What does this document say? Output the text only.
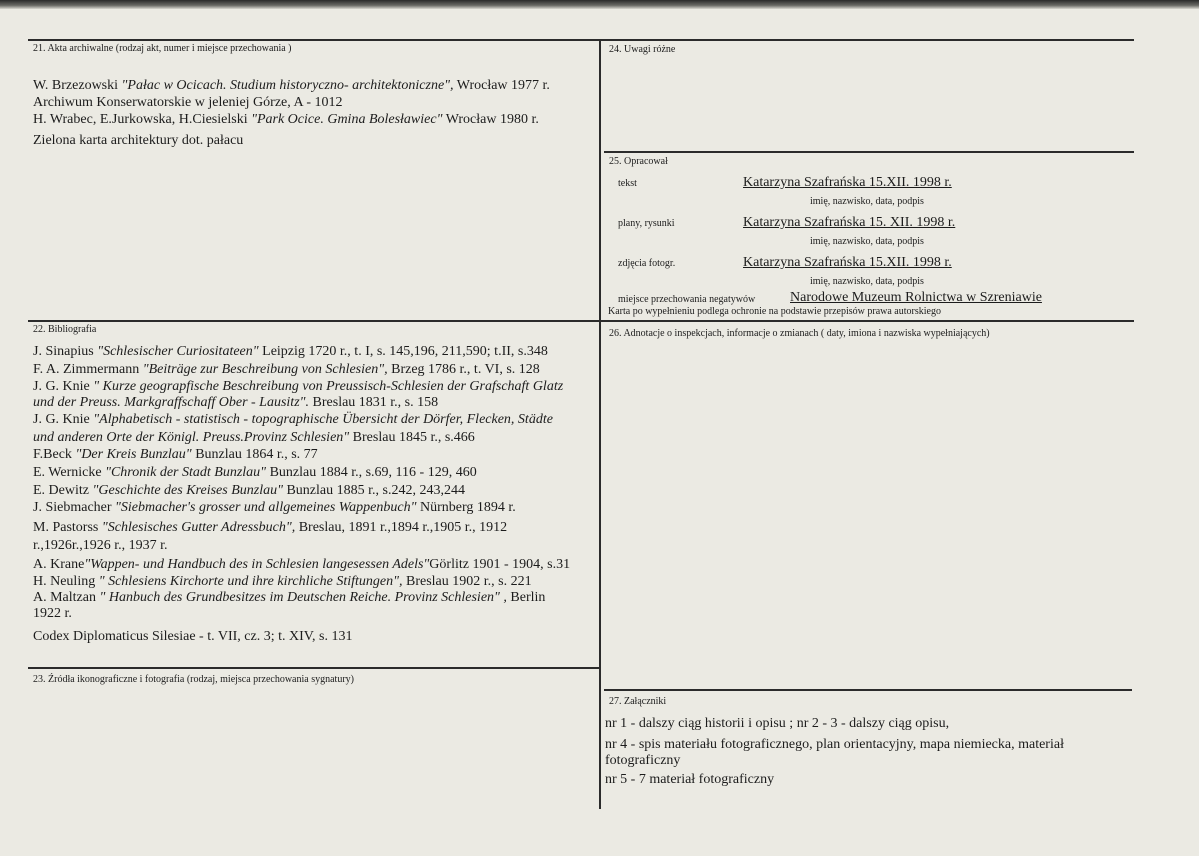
21. Akta archiwalne (rodzaj akt, numer i miejsce przechowania )
W. Brzezowski "Pałac w Ocicach. Studium historyczno- architektoniczne", Wrocław 1977 r.
Archiwum Konserwatorskie w jeleniej Górze, A - 1012
H. Wrabec, E.Jurkowska, H.Ciesielski "Park Ocice. Gmina Bolesławiec" Wrocław 1980 r.
Zielona karta architektury dot. pałacu
22. Bibliografia
J. Sinapius "Schlesischer Curiositateen" Leipzig 1720 r., t. I, s. 145,196, 211,590; t.II, s.348
F. A. Zimmermann "Beiträge zur Beschreibung von Schlesien", Brzeg 1786 r., t. VI, s. 128
J. G. Knie " Kurze geograpfische Beschreibung von Preussisch-Schlesien der Grafschaft Glatz
und der Preuss. Markgraffschaff Ober - Lausitz". Breslau 1831 r., s. 158
J. G. Knie "Alphabetisch - statistisch - topographische Übersicht der Dörfer, Flecken, Städte
und anderen Orte der Königl. Preuss.Provinz Schlesien" Breslau 1845 r., s.466
F.Beck "Der Kreis Bunzlau" Bunzlau 1864 r., s. 77
E. Wernicke "Chronik der Stadt Bunzlau" Bunzlau 1884 r., s.69, 116 - 129, 460
E. Dewitz "Geschichte des Kreises Bunzlau" Bunzlau 1885 r., s.242, 243,244
J. Siebmacher "Siebmacher's grosser und allgemeines Wappenbuch" Nürnberg 1894 r.
M. Pastorss "Schlesisches Gutter Adressbuch", Breslau, 1891 r.,1894 r.,1905 r., 1912
r.,1926r.,1926 r., 1937 r.
A. Krane"Wappen- und Handbuch des in Schlesien langesessen Adels"Görlitz 1901 - 1904, s.31
H. Neuling " Schlesiens Kirchorte und ihre kirchliche Stiftungen", Breslau 1902 r., s. 221
A. Maltzan " Hanbuch des Grundbesitzes im Deutschen Reiche. Provinz Schlesien" , Berlin
1922 r.
Codex Diplomaticus Silesiae - t. VII, cz. 3; t. XIV, s. 131
23. Źródła ikonograficzne i fotografia (rodzaj, miejsca przechowania sygnatury)
24. Uwagi różne
25. Opracował
tekst	Katarzyna Szafrańska 15.XII. 1998 r.
imię, nazwisko, data, podpis
plany, rysunki	Katarzyna Szafrańska 15. XII. 1998 r.
imię, nazwisko, data, podpis
zdjęcia fotogr.	Katarzyna Szafrańska 15.XII. 1998 r.
imię, nazwisko, data, podpis
miejsce przechowania negatywów Narodowe Muzeum Rolnictwa w Szreniawie
Karta po wypełnieniu podlega ochronie na podstawie przepisów prawa autorskiego
26. Adnotacje o inspekcjach, informacje o zmianach ( daty, imiona i nazwiska wypełniających)
27. Załączniki
nr 1 - dalszy ciąg historii i opisu ; nr 2 - 3 - dalszy ciąg opisu,
nr 4 - spis materiału fotograficznego, plan orientacyjny, mapa niemiecka, materiał
fotograficzny
nr 5 - 7 materiał fotograficzny
